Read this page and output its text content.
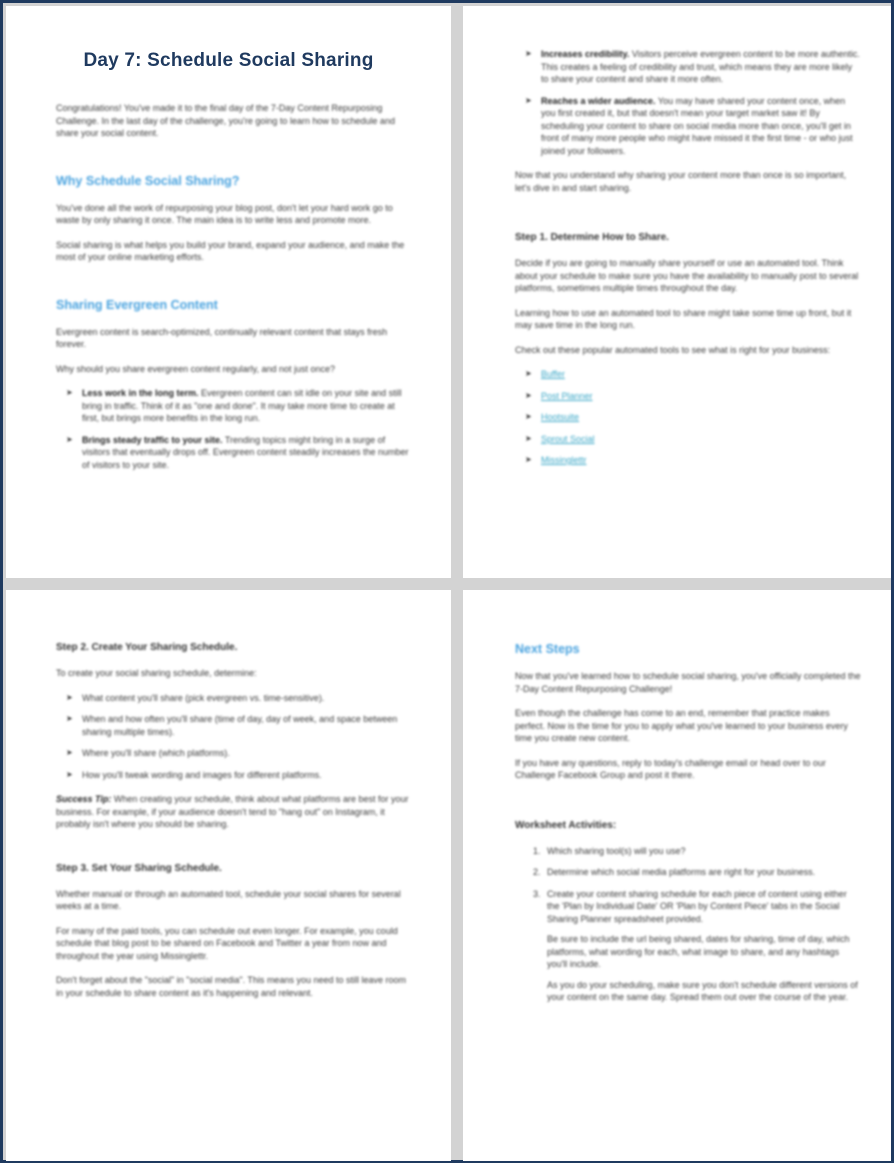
Day 7: Schedule Social Sharing

Congratulations! You've made it to the final day of the 7-Day Content Repurposing Challenge. In the last day of the challenge, you're going to learn how to schedule and share your social content.

Why Schedule Social Sharing?

You've done all the work of repurposing your blog post, don't let your hard work go to waste by only sharing it once. The main idea is to write less and promote more.

Social sharing is what helps you build your brand, expand your audience, and make the most of your online marketing efforts.

Sharing Evergreen Content

Evergreen content is search-optimized, continually relevant content that stays fresh forever.

Why should you share evergreen content regularly, and not just once?

➤ Less work in the long term. Evergreen content can sit idle on your site and still bring in traffic. Think of it as "one and done". It may take more time to create at first, but brings more benefits in the long run.
➤ Brings steady traffic to your site. Trending topics might bring in a surge of visitors that eventually drops off. Evergreen content steadily increases the number of visitors to your site.
➤ Increases credibility. Visitors perceive evergreen content to be more authentic. This creates a feeling of credibility and trust, which means they are more likely to share your content and share it more often.
➤ Reaches a wider audience. You may have shared your content once, when you first created it, but that doesn't mean your target market saw it! By scheduling your content to share on social media more than once, you'll get in front of many more people who might have missed it the first time - or who just joined your followers.

Now that you understand why sharing your content more than once is so important, let's dive in and start sharing.

Step 1. Determine How to Share.

Decide if you are going to manually share yourself or use an automated tool. Think about your schedule to make sure you have the availability to manually post to several platforms, sometimes multiple times throughout the day.

Learning how to use an automated tool to share might take some time up front, but it may save time in the long run.

Check out these popular automated tools to see what is right for your business:

➤ Buffer
➤ Post Planner
➤ Hootsuite
➤ Sprout Social
➤ Missinglettr
Step 2. Create Your Sharing Schedule.

To create your social sharing schedule, determine:

➤ What content you'll share (pick evergreen vs. time-sensitive).
➤ When and how often you'll share (time of day, day of week, and space between sharing multiple times).
➤ Where you'll share (which platforms).
➤ How you'll tweak wording and images for different platforms.

Success Tip: When creating your schedule, think about what platforms are best for your business. For example, if your audience doesn't tend to "hang out" on Instagram, it probably isn't where you should be sharing.

Step 3. Set Your Sharing Schedule.

Whether manual or through an automated tool, schedule your social shares for several weeks at a time.

For many of the paid tools, you can schedule out even longer. For example, you could schedule that blog post to be shared on Facebook and Twitter a year from now and throughout the year using Missinglettr.

Don't forget about the "social" in "social media". This means you need to still leave room in your schedule to share content as it's happening and relevant.

Next Steps

Now that you've learned how to schedule social sharing, you've officially completed the 7-Day Content Repurposing Challenge!

Even though the challenge has come to an end, remember that practice makes perfect. Now is the time for you to apply what you've learned to your business every time you create new content.

If you have any questions, reply to today's challenge email or head over to our Challenge Facebook Group and post it there.

Worksheet Activities:
1. Which sharing tool(s) will you use?
2. Determine which social media platforms are right for your business.
3. Create your content sharing schedule for each piece of content using either the 'Plan by Individual Date' OR 'Plan by Content Piece' tabs in the Social Sharing Planner spreadsheet provided.

Be sure to include the url being shared, dates for sharing, time of day, which platforms, what wording for each, what image to share, and any hashtags you'll include.

As you do your scheduling, make sure you don't schedule different versions of your content on the same day. Spread them out over the course of the year.
